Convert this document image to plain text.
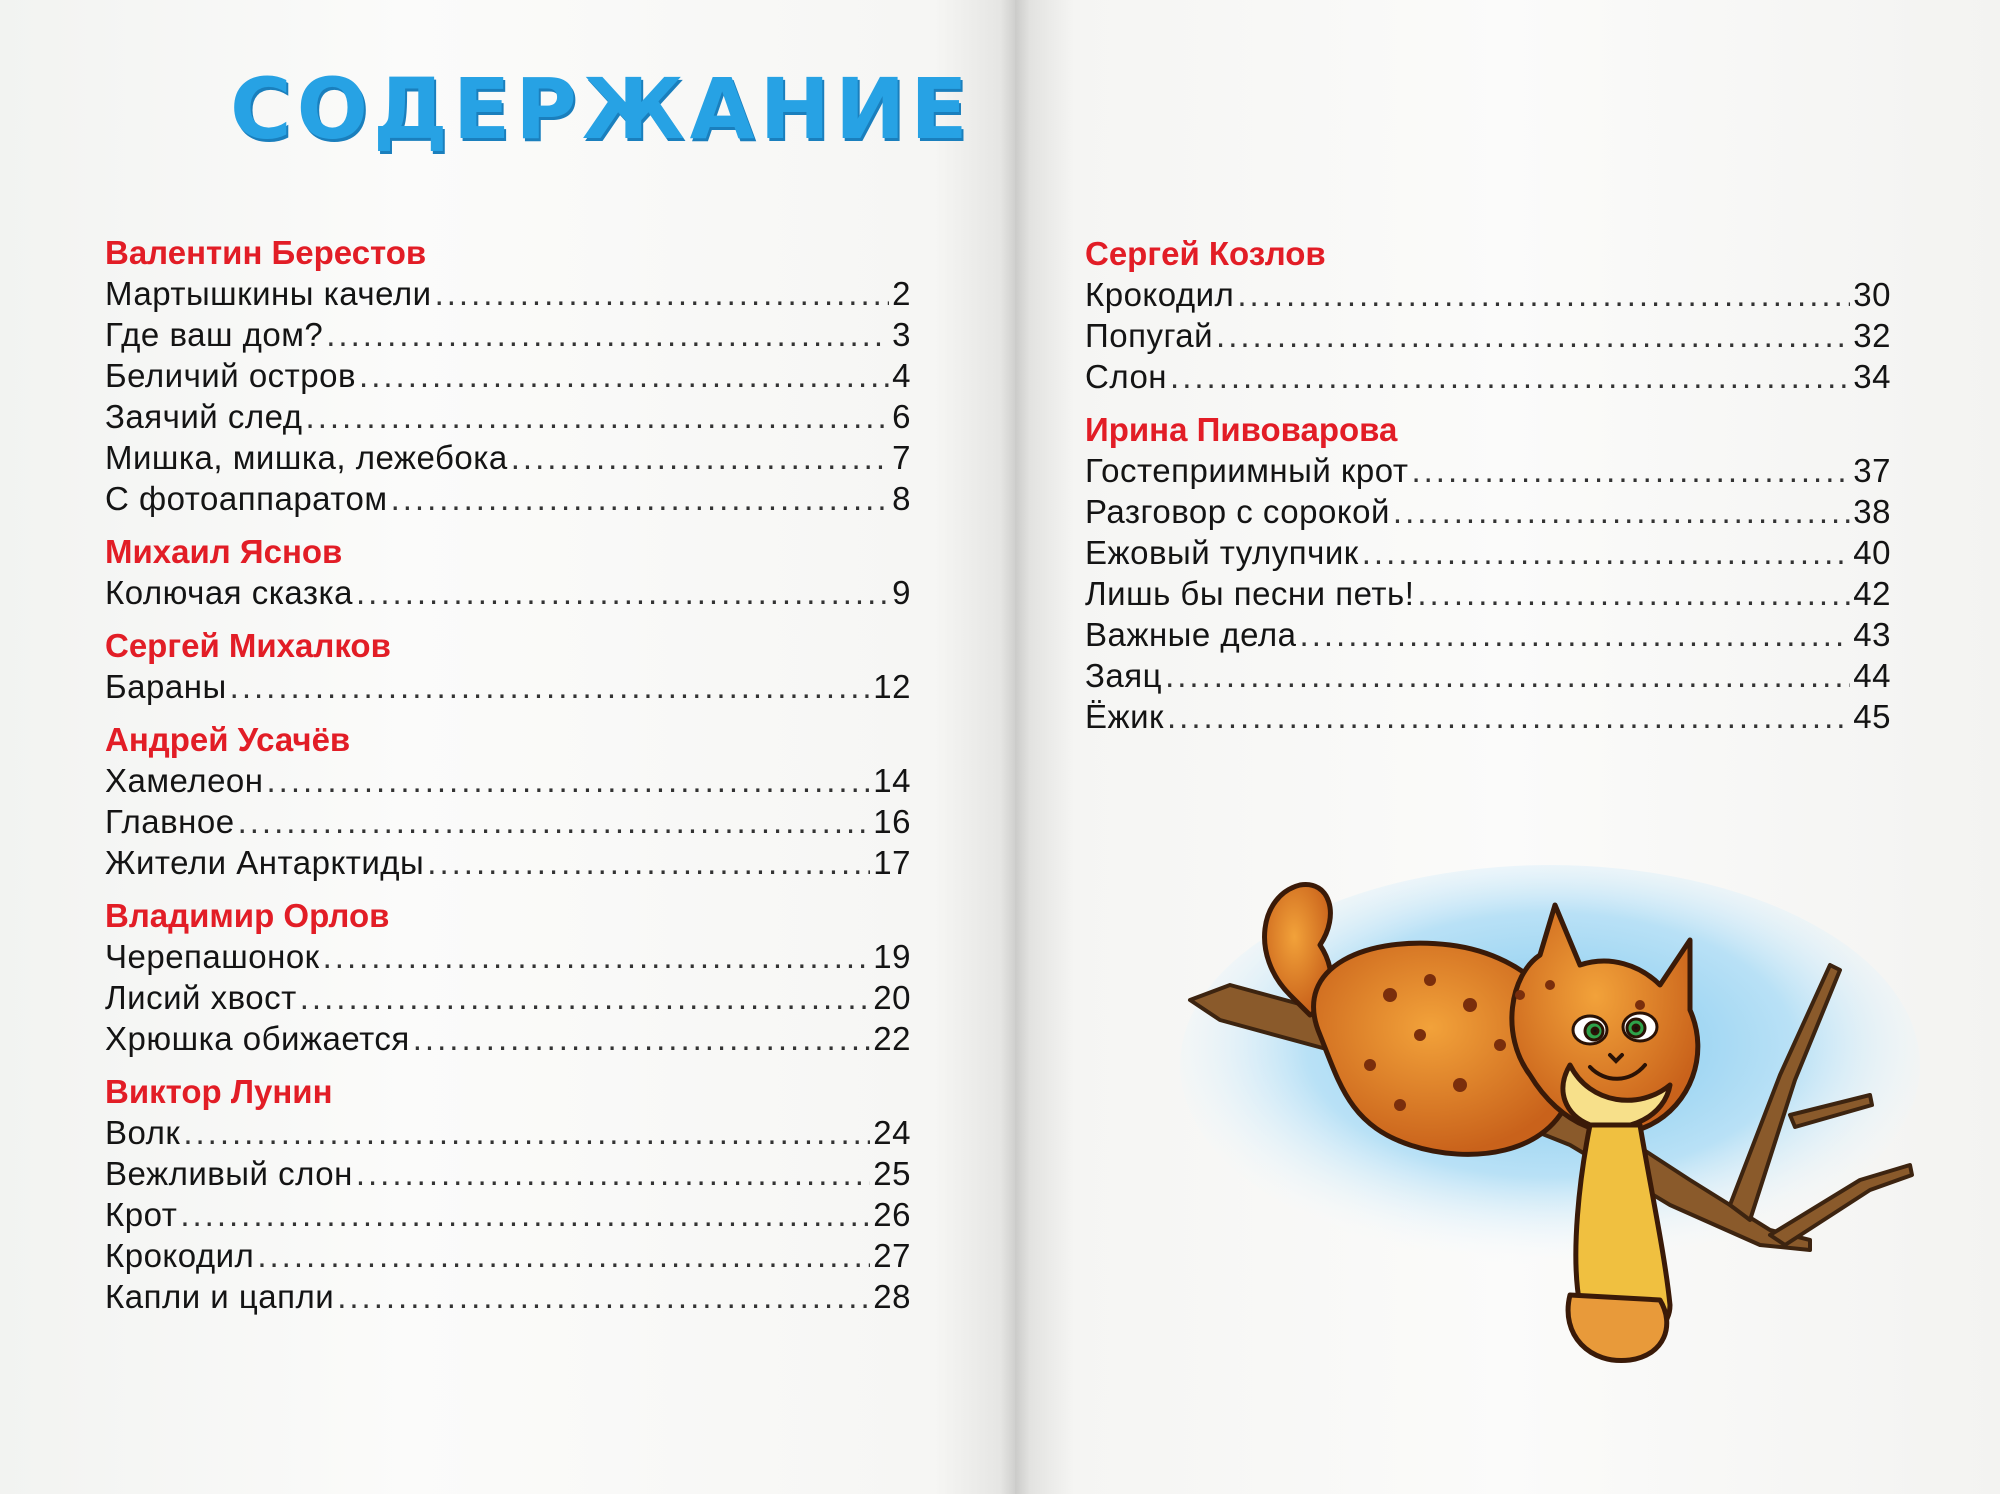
СОДЕРЖАНИЕ
Валентин Берестов
Мартышкины качели .....	2
Где ваш дом? .....	3
Беличий остров .....	4
Заячий след .....	6
Мишка, мишка, лежебока .....	7
С фотоаппаратом .....	8
Михаил Яснов
Колючая сказка .....	9
Сергей Михалков
Бараны .....	12
Андрей Усачёв
Хамелеон .....	14
Главное .....	16
Жители Антарктиды .....	17
Владимир Орлов
Черепашонок .....	19
Лисий хвост .....	20
Хрюшка обижается .....	22
Виктор Лунин
Волк .....	24
Вежливый слон .....	25
Крот .....	26
Крокодил .....	27
Капли и цапли .....	28
Сергей Козлов
Крокодил .....	30
Попугай .....	32
Слон .....	34
Ирина Пивоварова
Гостеприимный крот .....	37
Разговор с сорокой .....	38
Ежовый тулупчик .....	40
Лишь бы песни петь! .....	42
Важные дела .....	43
Заяц .....	44
Ёжик .....	45
